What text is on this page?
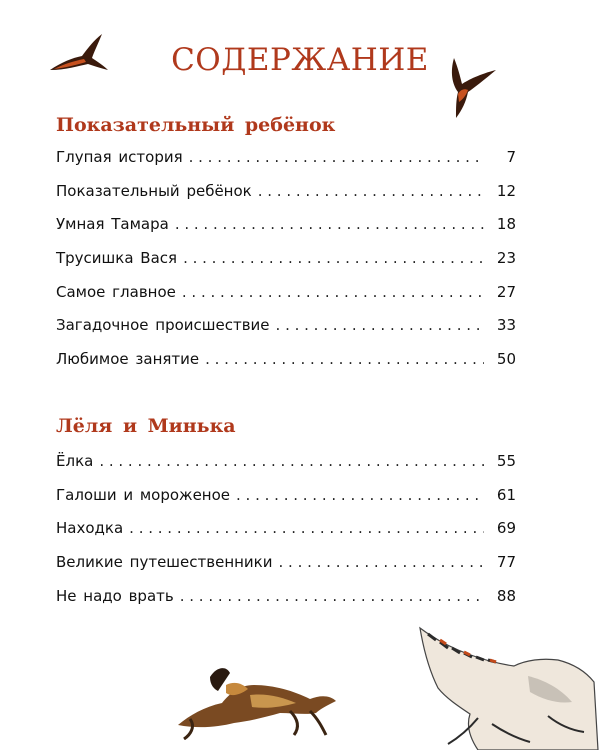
СОДЕРЖАНИЕ
Показательный ребёнок
Глупая история . . .	7
Показательный ребёнок . . .	12
Умная Тамара . . .	18
Трусишка Вася . . .	23
Самое главное . . .	27
Загадочное происшествие . . .	33
Любимое занятие . . .	50
Лёля и Минька
Ёлка . . .	55
Галоши и мороженое . . .	61
Находка . . .	69
Великие путешественники . . .	77
Не надо врать . . .	88
